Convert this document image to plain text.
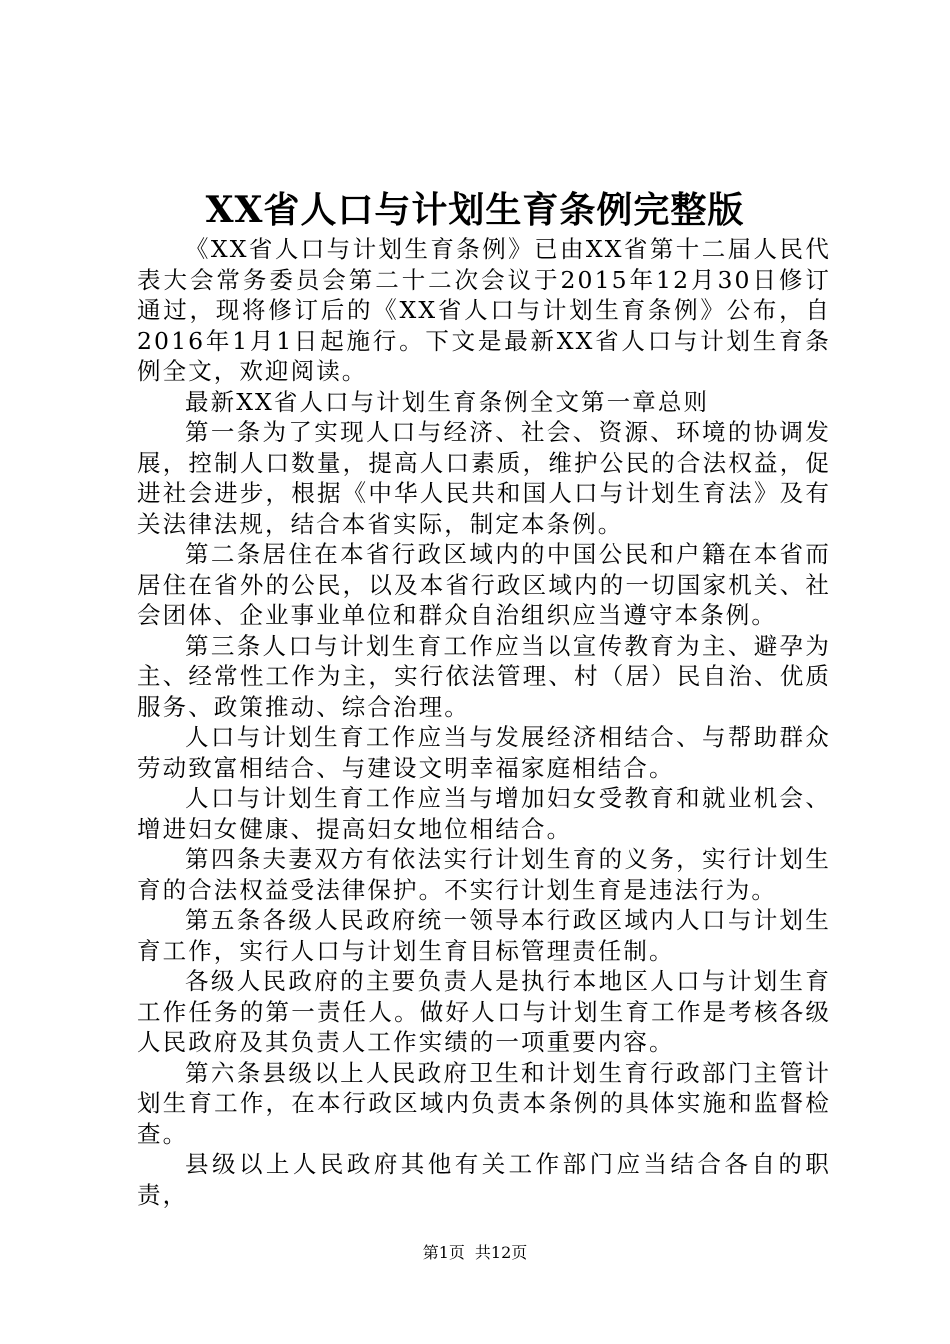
XX省人口与计划生育条例完整版

《XX省人口与计划生育条例》已由XX省第十二届人民代表大会常务委员会第二十二次会议于2015年12月30日修订通过，现将修订后的《XX省人口与计划生育条例》公布，自2016年1月1日起施行。下文是最新XX省人口与计划生育条例全文，欢迎阅读。

最新XX省人口与计划生育条例全文第一章总则

第一条为了实现人口与经济、社会、资源、环境的协调发展，控制人口数量，提高人口素质，维护公民的合法权益，促进社会进步，根据《中华人民共和国人口与计划生育法》及有关法律法规，结合本省实际，制定本条例。

第二条居住在本省行政区域内的中国公民和户籍在本省而居住在省外的公民，以及本省行政区域内的一切国家机关、社会团体、企业事业单位和群众自治组织应当遵守本条例。

第三条人口与计划生育工作应当以宣传教育为主、避孕为主、经常性工作为主，实行依法管理、村（居）民自治、优质服务、政策推动、综合治理。

人口与计划生育工作应当与发展经济相结合、与帮助群众劳动致富相结合、与建设文明幸福家庭相结合。

人口与计划生育工作应当与增加妇女受教育和就业机会、增进妇女健康、提高妇女地位相结合。

第四条夫妻双方有依法实行计划生育的义务，实行计划生育的合法权益受法律保护。不实行计划生育是违法行为。

第五条各级人民政府统一领导本行政区域内人口与计划生育工作，实行人口与计划生育目标管理责任制。

各级人民政府的主要负责人是执行本地区人口与计划生育工作任务的第一责任人。做好人口与计划生育工作是考核各级人民政府及其负责人工作实绩的一项重要内容。

第六条县级以上人民政府卫生和计划生育行政部门主管计划生育工作，在本行政区域内负责本条例的具体实施和监督检查。

县级以上人民政府其他有关工作部门应当结合各自的职责，

第1页 共12页
